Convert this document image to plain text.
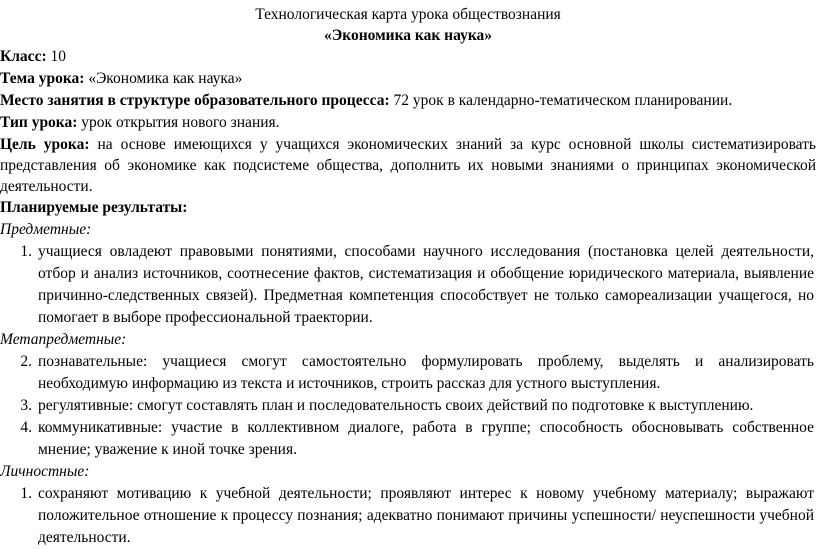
Технологическая карта урока обществознания

«Экономика как наука»

Класс: 10

Тема урока: «Экономика как наука»

Место занятия в структуре образовательного процесса: 72 урок в календарно-тематическом планировании.

Тип урока: урок открытия нового знания.

Цель урока: на основе имеющихся у учащихся экономических знаний за курс основной школы систематизировать представления об экономике как подсистеме общества, дополнить их новыми знаниями о принципах экономической деятельности.

Планируемые результаты:

Предметные:

1. учащиеся овладеют правовыми понятиями, способами научного исследования (постановка целей деятельности, отбор и анализ источников, соотнесение фактов, систематизация и обобщение юридического материала, выявление причинно-следственных связей). Предметная компетенция способствует не только самореализации учащегося, но помогает в выборе профессиональной траектории.

Метапредметные:

2. познавательные: учащиеся смогут самостоятельно формулировать проблему, выделять и анализировать необходимую информацию из текста и источников, строить рассказ для устного выступления.
3. регулятивные: смогут составлять план и последовательность своих действий по подготовке к выступлению.
4. коммуникативные: участие в коллективном диалоге, работа в группе; способность обосновывать собственное мнение; уважение к иной точке зрения.

Личностные:

1. сохраняют мотивацию к учебной деятельности; проявляют интерес к новому учебному материалу; выражают положительное отношение к процессу познания; адекватно понимают причины успешности/ неуспешности учебной деятельности.
